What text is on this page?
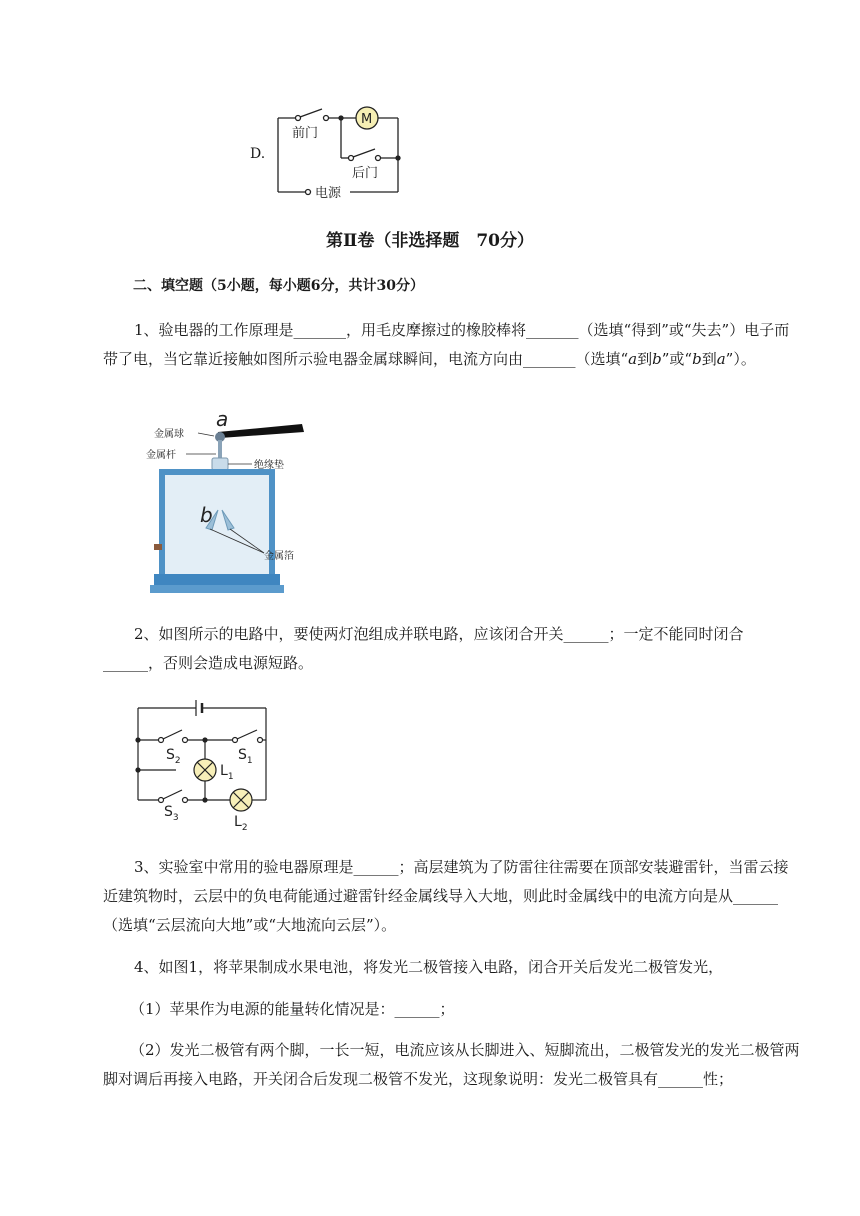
D.
M
前门
后门
电源
第Ⅱ卷（非选择题　70分）
二、填空题（5小题，每小题6分，共计30分）
1、验电器的工作原理是_______，用毛皮摩擦过的橡胶棒将_______（选填“得到”或“失去”）电子而带了电，当它靠近接触如图所示验电器金属球瞬间，电流方向由_______（选填“a到b”或“b到a”）。
a
b
金属球
金属杆
绝缘垫
金属箔
2、如图所示的电路中，要使两灯泡组成并联电路，应该闭合开关______；一定不能同时闭合______，否则会造成电源短路。
$S_2$	$S_1$
$S_3$
$L_1$
$L_2$
3、实验室中常用的验电器原理是______；高层建筑为了防雷往往需要在顶部安装避雷针，当雷云接近建筑物时，云层中的负电荷能通过避雷针经金属线导入大地，则此时金属线中的电流方向是从______（选填“云层流向大地”或“大地流向云层”）。
4、如图1，将苹果制成水果电池，将发光二极管接入电路，闭合开关后发光二极管发光，
（1）苹果作为电源的能量转化情况是：______；
（2）发光二极管有两个脚，一长一短，电流应该从长脚进入、短脚流出，二极管发光的发光二极管两脚对调后再接入电路，开关闭合后发现二极管不发光，这现象说明：发光二极管具有______性；
